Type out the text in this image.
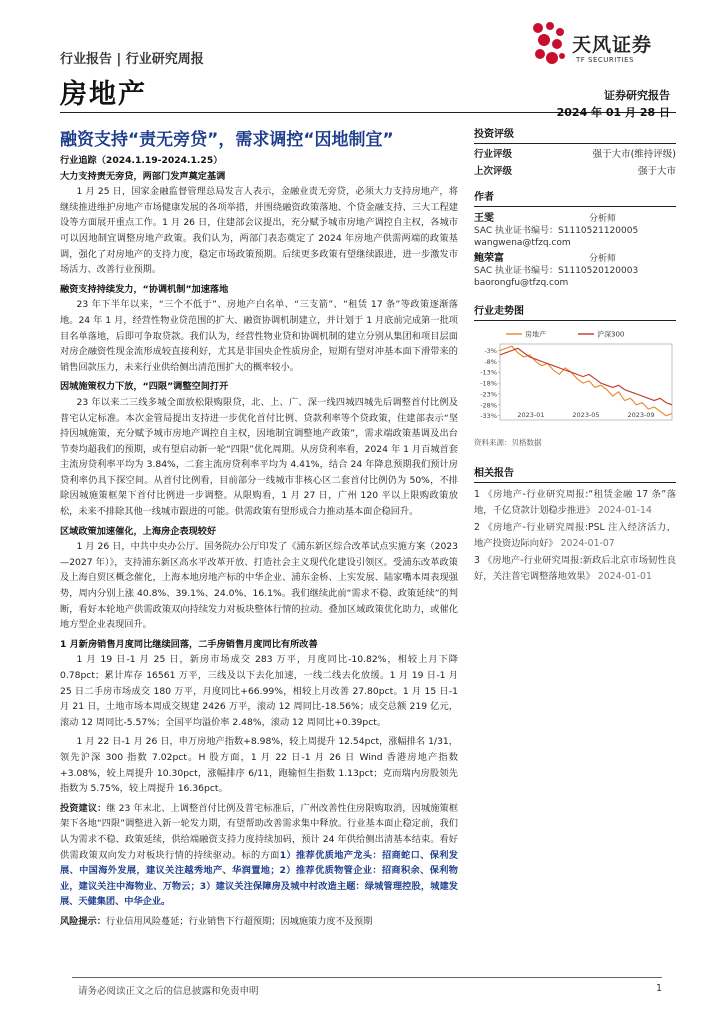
行业报告 | 行业研究周报
天风证券
TF SECURITIES
房地产	证券研究报告
2024 年 01 月 28 日
融资支持“责无旁贷”，需求调控“因地制宜”
行业追踪（2024.1.19-2024.1.25）
大力支持责无旁贷，两部门发声奠定基调

1 月 25 日，国家金融监督管理总局发言人表示，金融业责无旁贷，必须大力支持房地产，将继续推进维护房地产市场健康发展的各项举措，并围绕融资政策落地、个贷金融支持、三大工程建设等方面展开重点工作。1 月 26 日，住建部会议提出，充分赋予城市房地产调控自主权，各城市可以因地制宜调整房地产政策。我们认为，两部门表态奠定了 2024 年房地产供需两端的政策基调，强化了对房地产的支持力度，稳定市场政策预期。后续更多政策有望继续跟进，进一步激发市场活力、改善行业预期。

融资支持持续发力，“协调机制”加速落地

23 年下半年以来，“三个不低于”、房地产白名单、“三支箭”、“租赁 17 条”等政策逐渐落地。24 年 1 月，经营性物业贷范围的扩大、融资协调机制建立，并计划于 1 月底前完成第一批项目名单落地，后即可争取贷款。我们认为，经营性物业贷和协调机制的建立分别从集团和项目层面对房企融资性现金流形成较直接利好，尤其是非国央企性质房企，短期有望对冲基本面下滑带来的销售回款压力，未来行业供给侧出清范围扩大的概率较小。

因城施策权力下放，“四限”调整空间打开

23 年以来二三线多城全面放松限购限贷，北、上、广、深一线四城四城先后调整首付比例及普宅认定标准。本次金管局提出支持进一步优化首付比例、贷款利率等个贷政策，住建部表示“坚持因城施策，充分赋予城市房地产调控自主权，因地制宜调整地产政策”，需求端政策基调及出台节奏均超我们的预期，或有望启动新一轮“四限”优化周期。从房贷利率看，2024 年 1 月百城首套主流房贷利率平均为 3.84%，二套主流房贷利率平均为 4.41%，结合 24 年降息预期我们预计房贷利率仍具下探空间。从首付比例看，目前部分一线城市非核心区二套首付比例仍为 50%，不排除因城施策框架下首付比例进一步调整。从限购看，1 月 27 日，广州 120 平以上限购政策放松，未来不排除其他一线城市跟进的可能。供需政策有望形成合力推动基本面企稳回升。

区域政策加速催化，上海房企表现较好

1 月 26 日，中共中央办公厅、国务院办公厅印发了《浦东新区综合改革试点实施方案（2023—2027 年）》，支持浦东新区高水平改革开放、打造社会主义现代化建设引领区。受浦东改革政策及上海自贸区概念催化，上海本地房地产标的中华企业、浦东金桥、上实发展、陆家嘴本周表现强势，周内分别上涨 40.8%、39.1%、24.0%、16.1%。我们继续此前“需求不稳、政策延续”的判断，看好本轮地产供需政策双向持续发力对板块整体行情的拉动。叠加区域政策优化助力，或催化地方型企业表现回升。

1 月新房销售月度同比继续回落，二手房销售月度同比有所改善

1 月 19 日-1 月 25 日，新房市场成交 283 万平，月度同比-10.82%，相较上月下降 0.78pct；累计库存 16561 万平，三线及以下去化加速，一线二线去化放缓。1 月 19 日-1 月 25 日二手房市场成交 180 万平，月度同比+66.99%，相较上月改善 27.80pct。1 月 15 日-1 月 21 日，土地市场本周成交规建 2426 万平，滚动 12 周同比-18.56%；成交总额 219 亿元，滚动 12 周同比-5.57%；全国平均溢价率 2.48%，滚动 12 周同比+0.39pct。

1 月 22 日-1 月 26 日，申万房地产指数+8.98%，较上周提升 12.54pct，涨幅排名 1/31，领先沪深 300 指数 7.02pct。H 股方面，1 月 22 日-1 月 26 日 Wind 香港房地产指数+3.08%，较上周提升 10.30pct，涨幅排序 6/11，跑输恒生指数 1.13pct；克而瑞内房股领先指数为 5.75%，较上周提升 16.36pct。

投资建议：继 23 年末北、上调整首付比例及普宅标准后，广州改善性住房限购取消，因城施策框架下各地“四限”调整进入新一轮发力期，有望帮助改善需求集中释放。行业基本面止稳定前，我们认为需求不稳、政策延续，供给端融资支持力度持续加码，预计 24 年供给侧出清基本结束。看好供需政策双向发力对板块行情的持续驱动。标的方面1）推荐优质地产龙头：招商蛇口、保利发展、中国海外发展，建议关注越秀地产、华润置地；2）推荐优质物管企业：招商积余、保利物业，建议关注中海物业、万物云；3）建议关注保障房及城中村改造主题：绿城管理控股，城建发展、天健集团、中华企业。

风险提示：行业信用风险蔓延；行业销售下行超预期；因城施策力度不及预期

投资评级
行业评级	强于大市(维持评级)
上次评级	强于大市
作者
王雯	分析师
SAC 执业证书编号：S1110521120005
wangwena@tfzq.com
鲍荣富	分析师
SAC 执业证书编号：S1110520120003
baorongfu@tfzq.com
行业走势图
-3%
-8%
-13%
-18%
-23%
-28%
-33%	2023-01	2023-05	2023-09
房地产	沪深300
资料来源：贝格数据
相关报告
1 《房地产-行业研究周报:“租赁金融 17 条”落地，千亿贷款计划稳步推进》 2024-01-14
2 《房地产-行业研究周报:PSL 注入经济活力，地产投资边际向好》 2024-01-07
3 《房地产-行业研究周报:新政后北京市场韧性良好，关注普宅调整落地效果》 2024-01-01
请务必阅读正文之后的信息披露和免责申明	1
